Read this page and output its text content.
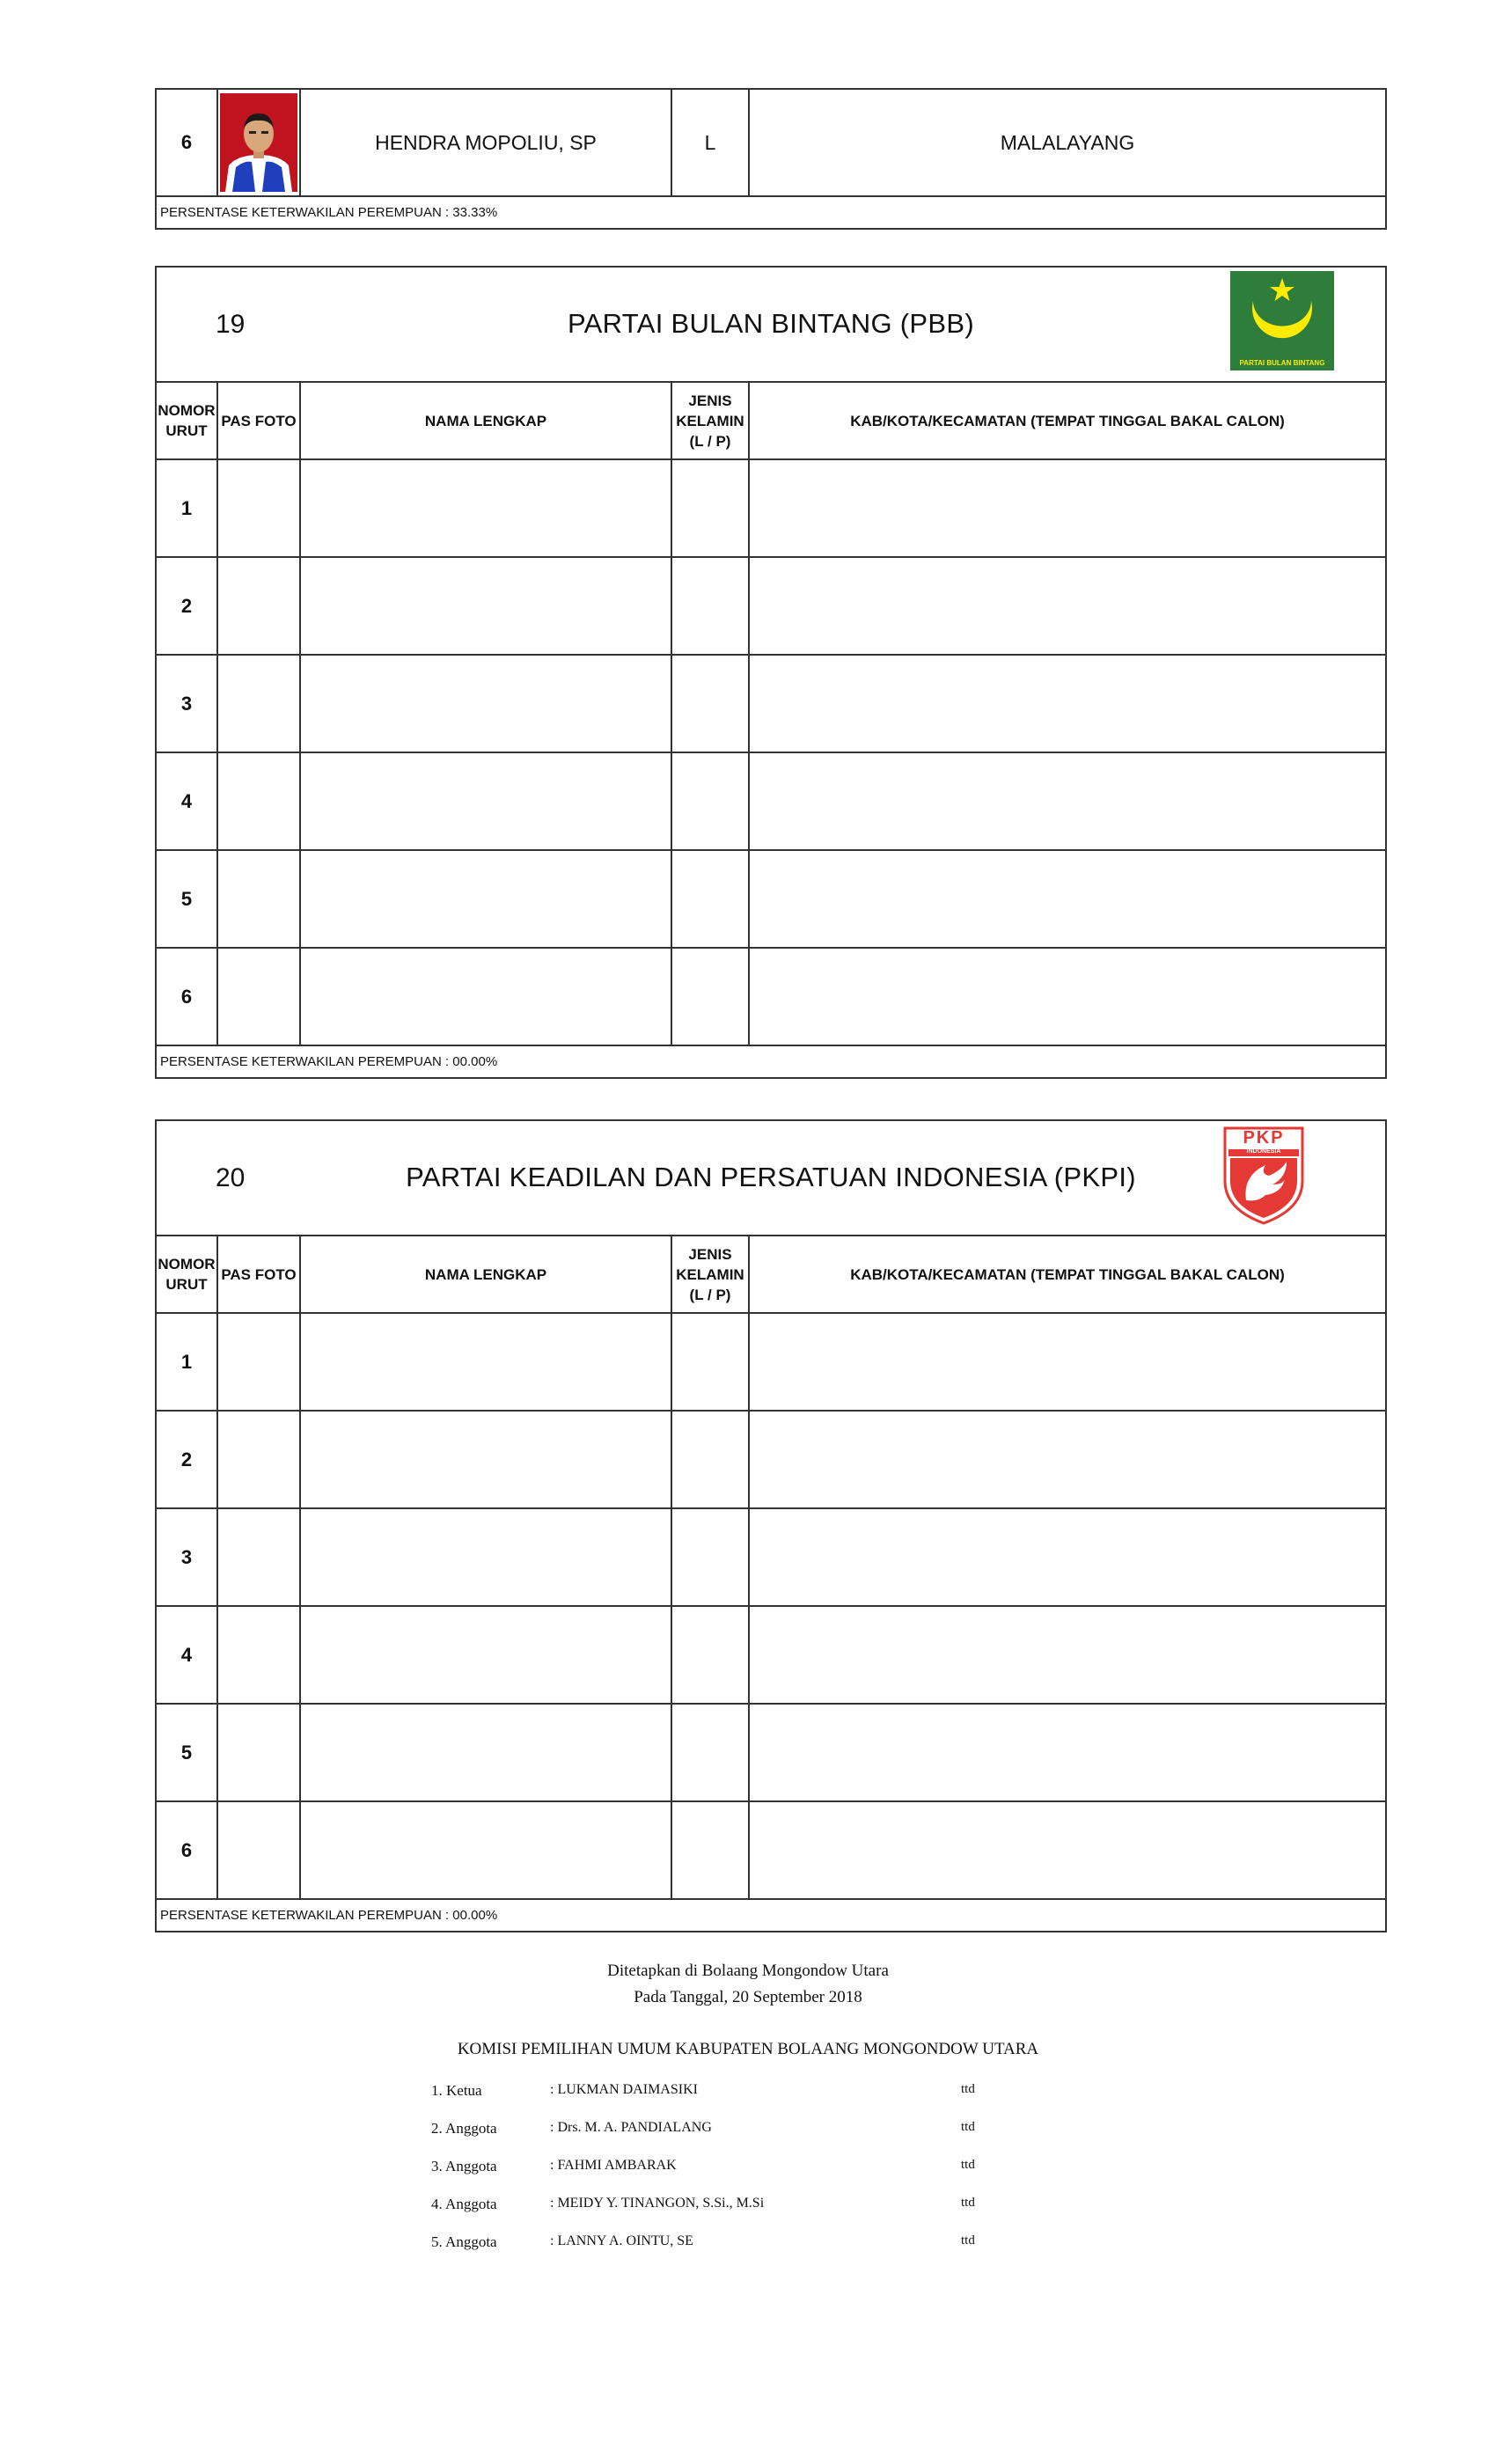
6		HENDRA MOPOLIU, SP	L	MALALAYANG
PERSENTASE KETERWAKILAN PEREMPUAN : 33.33%
19 PARTAI BULAN BINTANG (PBB)
PARTAI BULAN BINTANG				

NOMOR URUT	PAS FOTO	NAMA LENGKAP	JENIS KELAMIN (L / P)	KAB/KOTA/KECAMATAN (TEMPAT TINGGAL BAKAL CALON)
1				
2				
3				
4				
5				
6				
PERSENTASE KETERWAKILAN PEREMPUAN : 00.00%				
20 PARTAI KEADILAN DAN PERSATUAN INDONESIA (PKPI)
PKP
INDONESIA				

NOMOR URUT	PAS FOTO	NAMA LENGKAP	JENIS KELAMIN (L / P)	KAB/KOTA/KECAMATAN (TEMPAT TINGGAL BAKAL CALON)
1				
2				
3				
4				
5				
6				
PERSENTASE KETERWAKILAN PEREMPUAN : 00.00%				
Ditetapkan di Bolaang Mongondow Utara
Pada Tanggal, 20 September 2018
KOMISI PEMILIHAN UMUM KABUPATEN BOLAANG MONGONDOW UTARA
1. Ketua	: LUKMAN DAIMASIKI	ttd
2. Anggota	: Drs. M. A. PANDIALANG	ttd
3. Anggota	: FAHMI AMBARAK	ttd
4. Anggota	: MEIDY Y. TINANGON, S.Si., M.Si	ttd
5. Anggota	: LANNY A. OINTU, SE	ttd
